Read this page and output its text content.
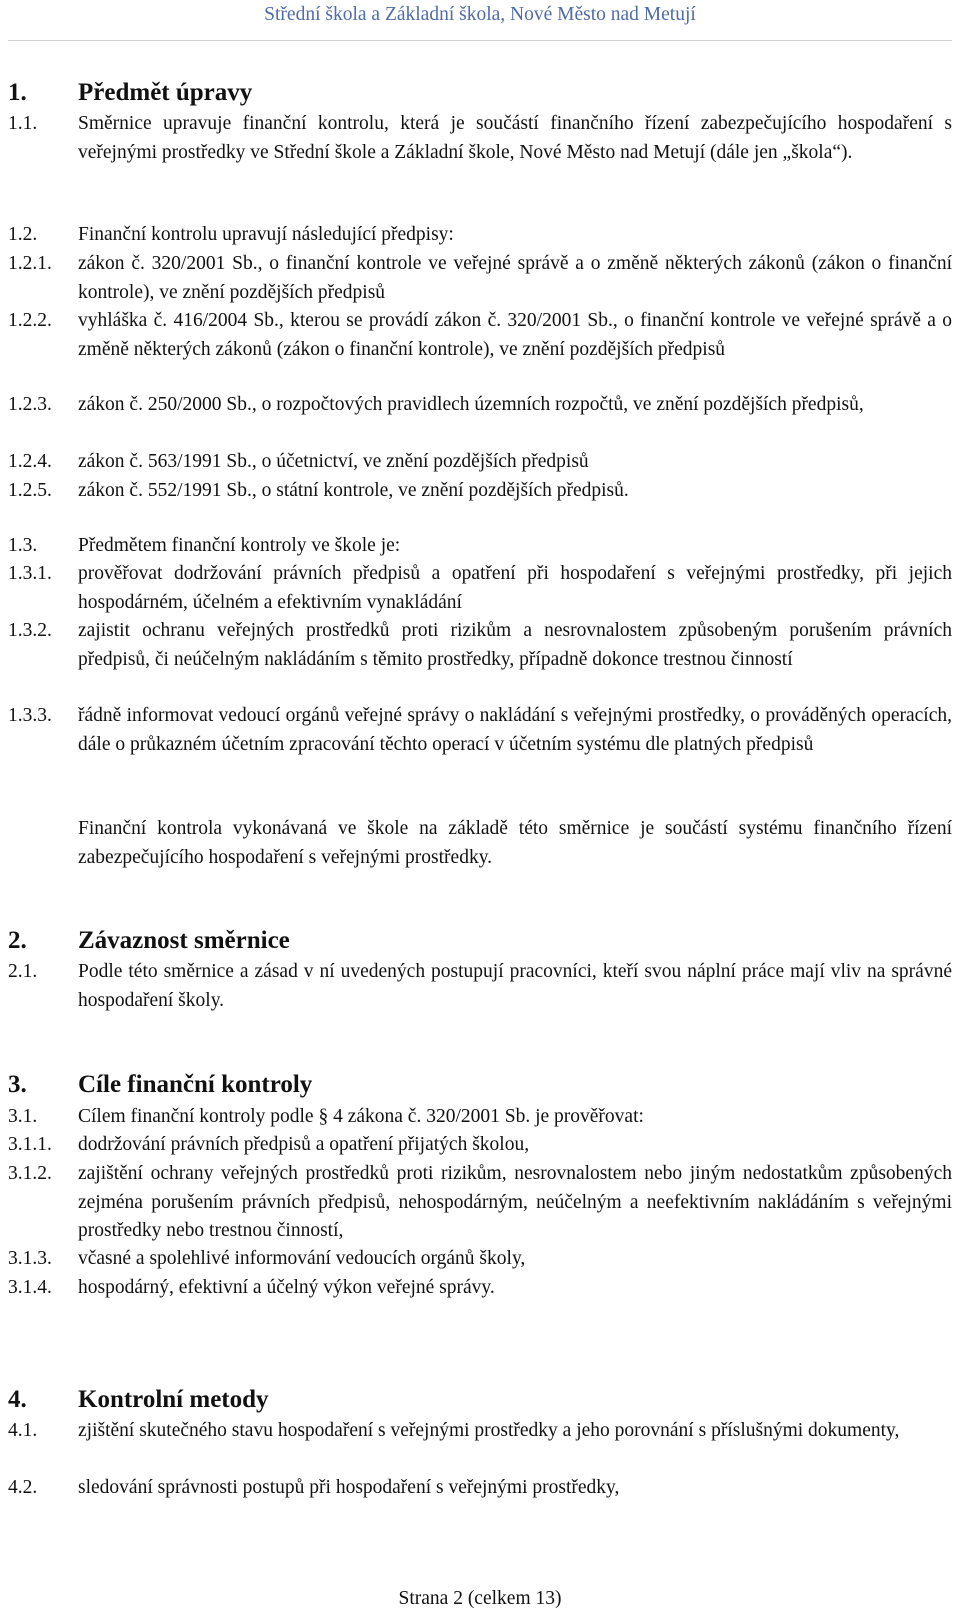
Střední škola a Základní škola, Nové Město nad Metují
1.	Předmět úpravy
1.1.	Směrnice upravuje finanční kontrolu, která je součástí finančního řízení zabezpečujícího hospodaření s veřejnými prostředky ve Střední škole a Základní škole, Nové Město nad Metují (dále jen „škola“).
1.2.	Finanční kontrolu upravují následující předpisy:
1.2.1.	zákon č. 320/2001 Sb., o finanční kontrole ve veřejné správě a o změně některých zákonů (zákon o finanční kontrole), ve znění pozdějších předpisů
1.2.2.	vyhláška č. 416/2004 Sb., kterou se provádí zákon č. 320/2001 Sb., o finanční kontrole ve veřejné správě a o změně některých zákonů (zákon o finanční kontrole), ve znění pozdějších předpisů
1.2.3.	zákon č. 250/2000 Sb., o rozpočtových pravidlech územních rozpočtů, ve znění pozdějších předpisů,
1.2.4.	zákon č. 563/1991 Sb., o účetnictví, ve znění pozdějších předpisů
1.2.5.	zákon č. 552/1991 Sb., o státní kontrole, ve znění pozdějších předpisů.
1.3.	Předmětem finanční kontroly ve škole je:
1.3.1.	prověřovat dodržování právních předpisů a opatření při hospodaření s veřejnými prostředky, při jejich hospodárném, účelném a efektivním vynakládání
1.3.2.	zajistit ochranu veřejných prostředků proti rizikům a nesrovnalostem způsobeným porušením právních předpisů, či neúčelným nakládáním s těmito prostředky, případně dokonce trestnou činností
1.3.3.	řádně informovat vedoucí orgánů veřejné správy o nakládání s veřejnými prostředky, o prováděných operacích, dále o průkazném účetním zpracování těchto operací v účetním systému dle platných předpisů
Finanční kontrola vykonávaná ve škole na základě této směrnice je součástí systému finančního řízení zabezpečujícího hospodaření s veřejnými prostředky.
2.	Závaznost směrnice
2.1.	Podle této směrnice a zásad v ní uvedených postupují pracovníci, kteří svou náplní práce mají vliv na správné hospodaření školy.
3.	Cíle finanční kontroly
3.1.	Cílem finanční kontroly podle § 4 zákona č. 320/2001 Sb. je prověřovat:
3.1.1.	dodržování právních předpisů a opatření přijatých školou,
3.1.2.	zajištění ochrany veřejných prostředků proti rizikům, nesrovnalostem nebo jiným nedostatkům způsobených zejména porušením právních předpisů, nehospodárným, neúčelným a neefektivním nakládáním s veřejnými prostředky nebo trestnou činností,
3.1.3.	včasné a spolehlivé informování vedoucích orgánů školy,
3.1.4.	hospodárný, efektivní a účelný výkon veřejné správy.
4.	Kontrolní metody
4.1.	zjištění skutečného stavu hospodaření s veřejnými prostředky a jeho porovnání s příslušnými dokumenty,
4.2.	sledování správnosti postupů při hospodaření s veřejnými prostředky,
Strana 2 (celkem 13)
